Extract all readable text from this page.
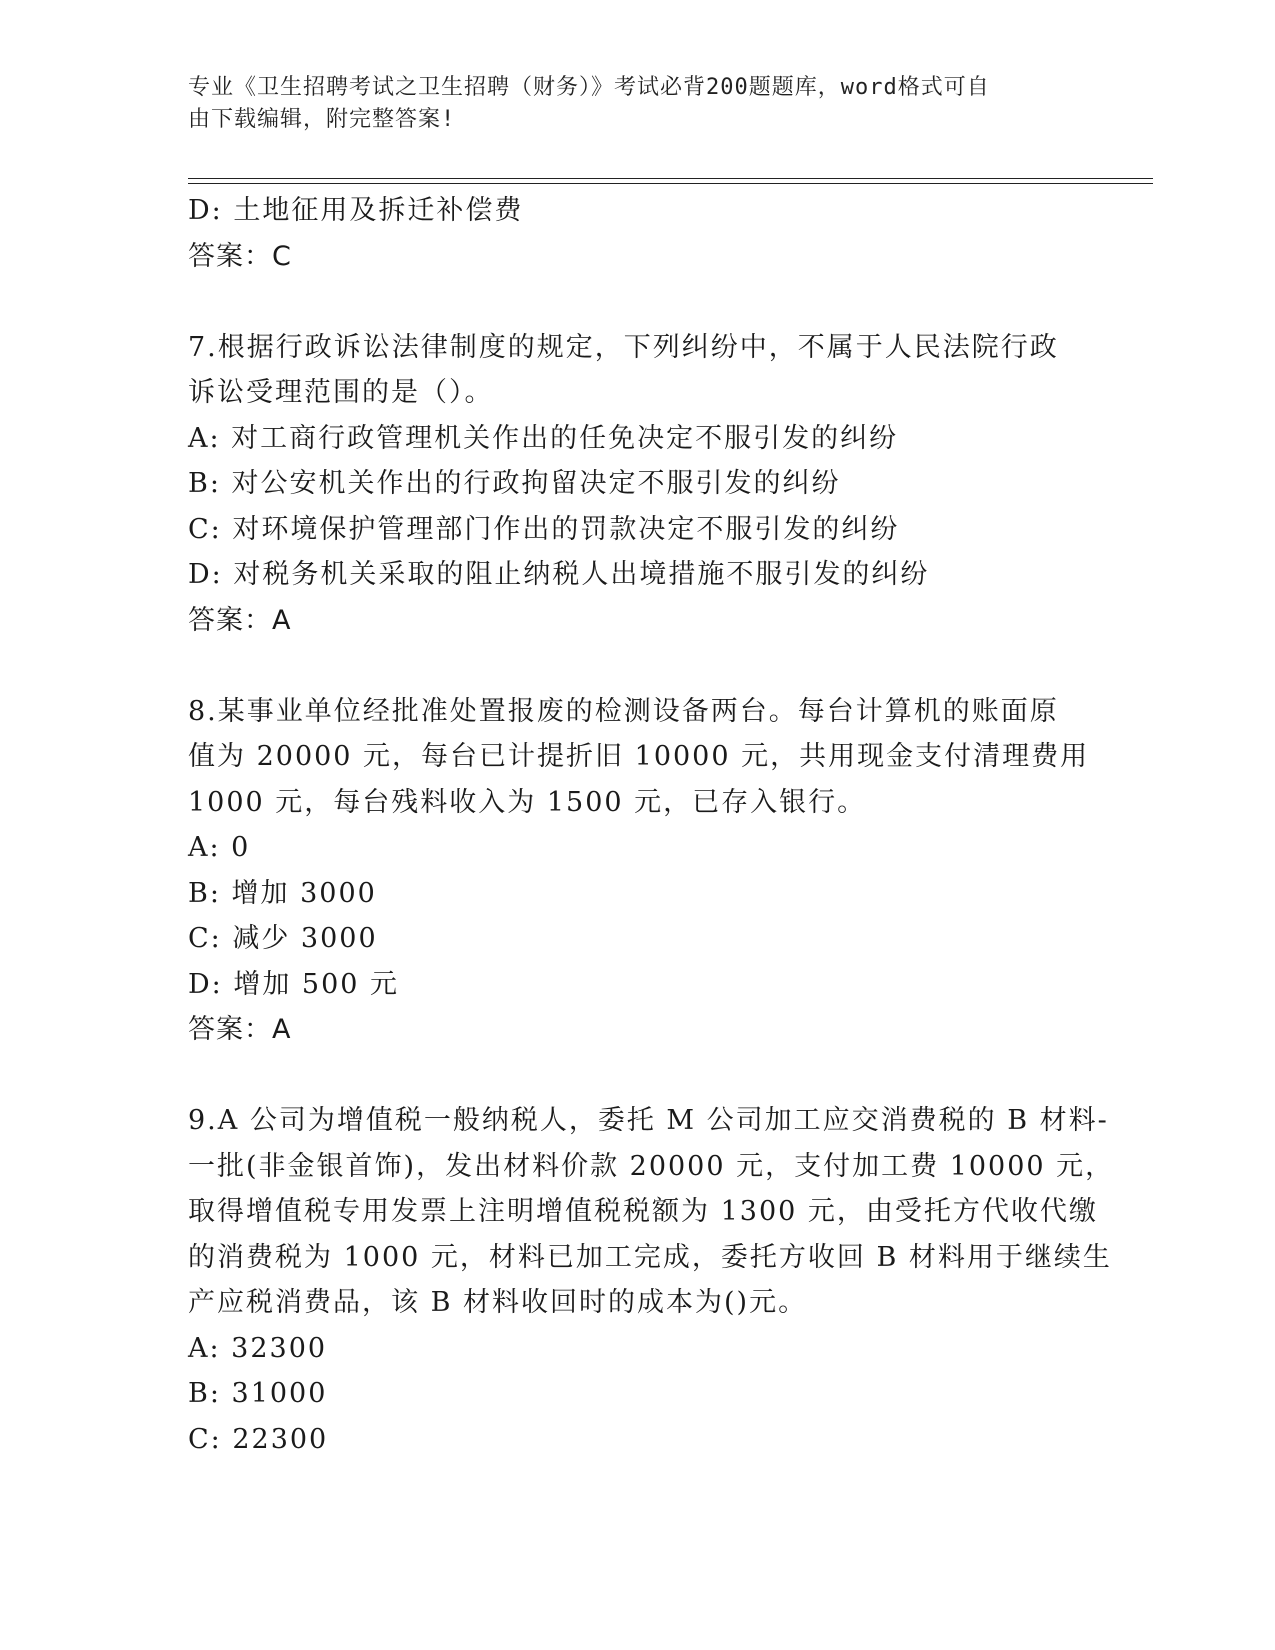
专业《卫生招聘考试之卫生招聘（财务）》考试必背200题题库，word格式可自
由下载编辑，附完整答案!
D: 土地征用及拆迁补偿费
答案：C
7.根据行政诉讼法律制度的规定，下列纠纷中，不属于人民法院行政
诉讼受理范围的是（）。
A: 对工商行政管理机关作出的任免决定不服引发的纠纷
B: 对公安机关作出的行政拘留决定不服引发的纠纷
C: 对环境保护管理部门作出的罚款决定不服引发的纠纷
D: 对税务机关采取的阻止纳税人出境措施不服引发的纠纷
答案：A
8.某事业单位经批准处置报废的检测设备两台。每台计算机的账面原
值为 20000 元，每台已计提折旧 10000 元，共用现金支付清理费用
1000 元，每台残料收入为 1500 元，已存入银行。
A: 0
B: 增加 3000
C: 减少 3000
D: 增加 500 元
答案：A
9.A 公司为增值税一般纳税人，委托 M 公司加工应交消费税的 B 材料-
一批(非金银首饰)，发出材料价款 20000 元，支付加工费 10000 元，
取得增值税专用发票上注明增值税税额为 1300 元，由受托方代收代缴
的消费税为 1000 元，材料已加工完成，委托方收回 B 材料用于继续生
产应税消费品，该 B 材料收回时的成本为()元。
A: 32300
B: 31000
C: 22300
